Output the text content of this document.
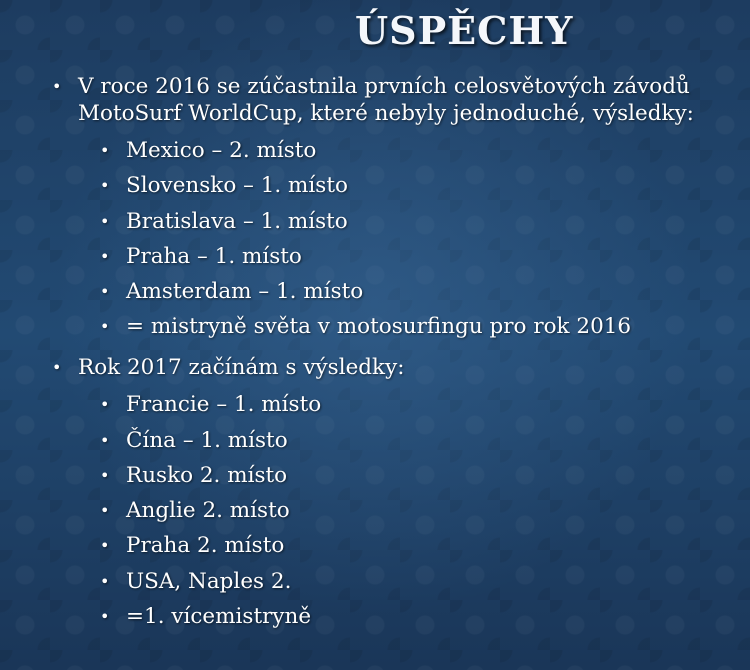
ÚSPĚCHY
• V roce 2016 se zúčastnila prvních celosvětových závodů MotoSurf WorldCup, které nebyly jednoduché, výsledky:
• Mexico – 2. místo
• Slovensko – 1. místo
• Bratislava – 1. místo
• Praha – 1. místo
• Amsterdam – 1. místo
• = mistryně světa v motosurfingu pro rok 2016
• Rok 2017 začínám s výsledky:
• Francie – 1. místo
• Čína – 1. místo
• Rusko 2. místo
• Anglie 2. místo
• Praha 2. místo
• USA, Naples 2.
• =1. vícemistryně
